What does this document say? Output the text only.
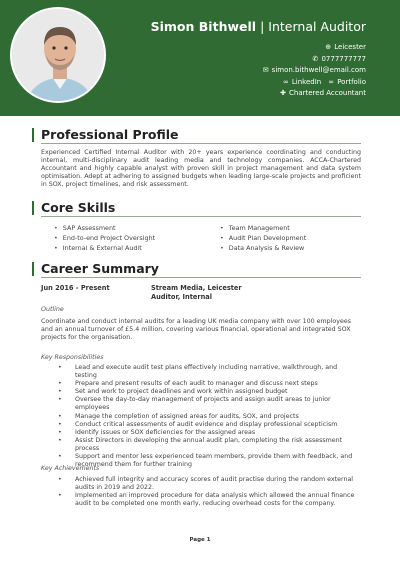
Simon Bithwell | Internal Auditor
⊕ Leicester
✆ 0777777777
✉ simon.bithwell@email.com
∞ LinkedIn ∞ Portfolio
✚ Chartered Accountant
Professional Profile
Experienced Certified Internal Auditor with 20+ years experience coordinating and conducting internal, multi-disciplinary audit leading media and technology companies. ACCA-Chartered Accountant and highly capable analyst with proven skill in project management and data system optimisation. Adept at adhering to assigned budgets when leading large-scale projects and proficient in SOX, project timelines, and risk assessment.
Core Skills
• SAP Assessment
• End-to-end Project Oversight
• Internal & External Audit
• Team Management
• Audit Plan Development
• Data Analysis & Review
Career Summary
Jun 2016 - Present	Stream Media, Leicester
Auditor, Internal
Outline
Coordinate and conduct internal audits for a leading UK media company with over 100 employees and an annual turnover of £5.4 million, covering various financial, operational and integrated SOX projects for the organisation.
Key Responsibilities
• Lead and execute audit test plans effectively including narrative, walkthrough, and testing
• Prepare and present results of each audit to manager and discuss next steps
• Set and work to project deadlines and work within assigned budget
• Oversee the day-to-day management of projects and assign audit areas to junior employees
• Manage the completion of assigned areas for audits, SOX, and projects
• Conduct critical assessments of audit evidence and display professional scepticism
• Identify issues or SOX deficiencies for the assigned areas
• Assist Directors in developing the annual audit plan, completing the risk assessment process
• Support and mentor less experienced team members, provide them with feedback, and recommend them for further training
Key Achievements
• Achieved full integrity and accuracy scores of audit practise during the random external audits in 2019 and 2022.
• Implemented an improved procedure for data analysis which allowed the annual finance audit to be completed one month early, reducing overhead costs for the company.
Page 1
